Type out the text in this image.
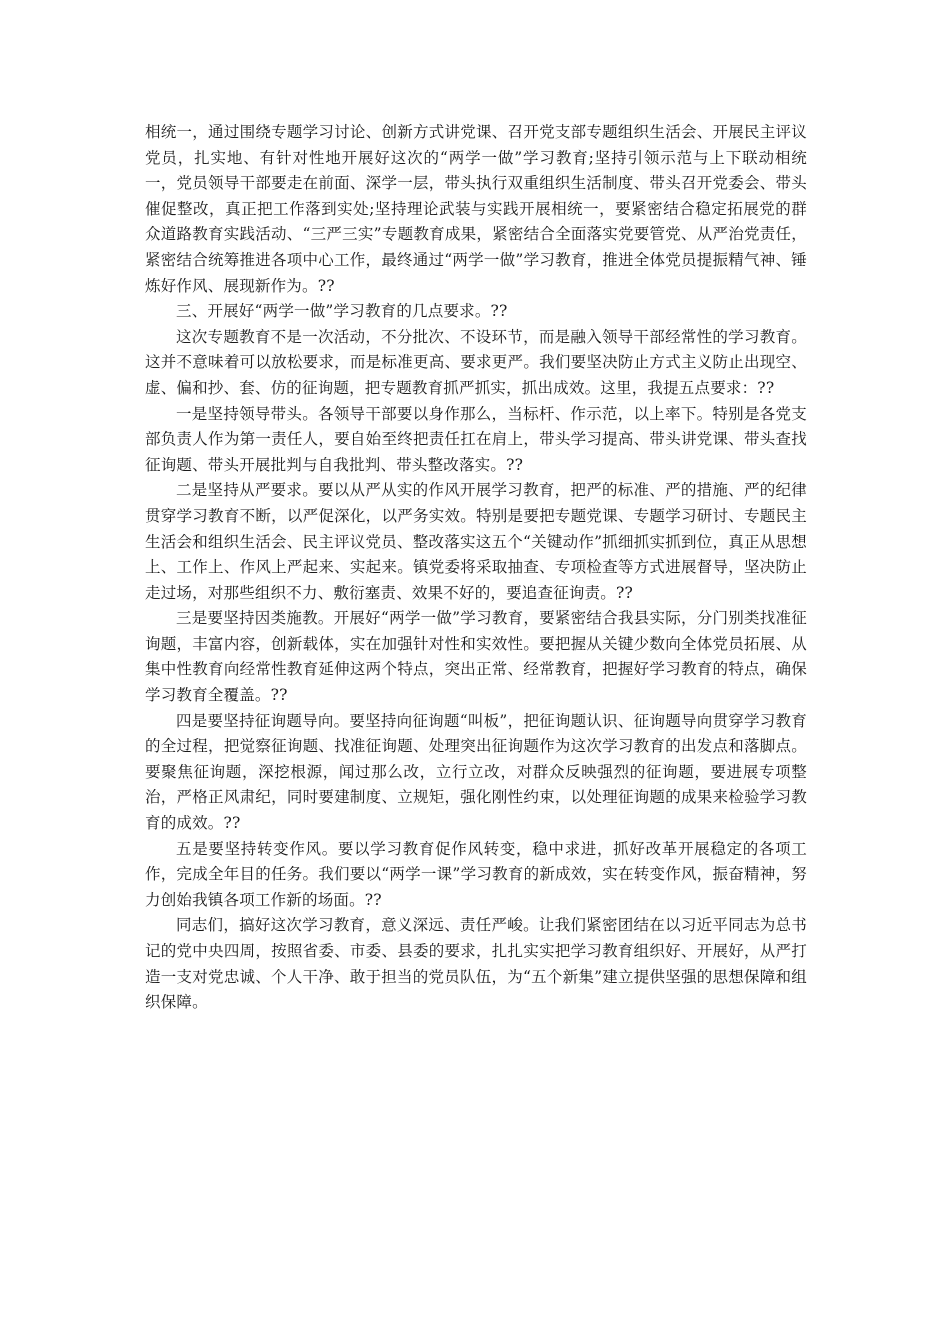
相统一，通过围绕专题学习讨论、创新方式讲党课、召开党支部专题组织生活会、开展民主评议党员，扎实地、有针对性地开展好这次的“两学一做”学习教育;坚持引领示范与上下联动相统一，党员领导干部要走在前面、深学一层，带头执行双重组织生活制度、带头召开党委会、带头催促整改，真正把工作落到实处;坚持理论武装与实践开展相统一，要紧密结合稳定拓展党的群众道路教育实践活动、“三严三实”专题教育成果，紧密结合全面落实党要管党、从严治党责任，紧密结合统筹推进各项中心工作，最终通过“两学一做”学习教育，推进全体党员提振精气神、锤炼好作风、展现新作为。??

三、开展好“两学一做”学习教育的几点要求。??

这次专题教育不是一次活动，不分批次、不设环节，而是融入领导干部经常性的学习教育。这并不意味着可以放松要求，而是标准更高、要求更严。我们要坚决防止方式主义防止出现空、虚、偏和抄、套、仿的征询题，把专题教育抓严抓实，抓出成效。这里，我提五点要求：??

一是坚持领导带头。各领导干部要以身作那么，当标杆、作示范，以上率下。特别是各党支部负责人作为第一责任人，要自始至终把责任扛在肩上，带头学习提高、带头讲党课、带头查找征询题、带头开展批判与自我批判、带头整改落实。??

二是坚持从严要求。要以从严从实的作风开展学习教育，把严的标准、严的措施、严的纪律贯穿学习教育不断，以严促深化，以严务实效。特别是要把专题党课、专题学习研讨、专题民主生活会和组织生活会、民主评议党员、整改落实这五个“关键动作”抓细抓实抓到位，真正从思想上、工作上、作风上严起来、实起来。镇党委将采取抽查、专项检查等方式进展督导，坚决防止走过场，对那些组织不力、敷衍塞责、效果不好的，要追查征询责。??

三是要坚持因类施教。开展好“两学一做”学习教育，要紧密结合我县实际，分门别类找准征询题，丰富内容，创新载体，实在加强针对性和实效性。要把握从关键少数向全体党员拓展、从集中性教育向经常性教育延伸这两个特点，突出正常、经常教育，把握好学习教育的特点，确保学习教育全覆盖。??

四是要坚持征询题导向。要坚持向征询题“叫板”，把征询题认识、征询题导向贯穿学习教育的全过程，把觉察征询题、找准征询题、处理突出征询题作为这次学习教育的出发点和落脚点。要聚焦征询题，深挖根源，闻过那么改，立行立改，对群众反映强烈的征询题，要进展专项整治，严格正风肃纪，同时要建制度、立规矩，强化刚性约束，以处理征询题的成果来检验学习教育的成效。??

五是要坚持转变作风。要以学习教育促作风转变，稳中求进，抓好改革开展稳定的各项工作，完成全年目的任务。我们要以“两学一课”学习教育的新成效，实在转变作风，振奋精神，努力创始我镇各项工作新的场面。??

同志们，搞好这次学习教育，意义深远、责任严峻。让我们紧密团结在以习近平同志为总书记的党中央四周，按照省委、市委、县委的要求，扎扎实实把学习教育组织好、开展好，从严打造一支对党忠诚、个人干净、敢于担当的党员队伍，为“五个新集”建立提供坚强的思想保障和组织保障。
